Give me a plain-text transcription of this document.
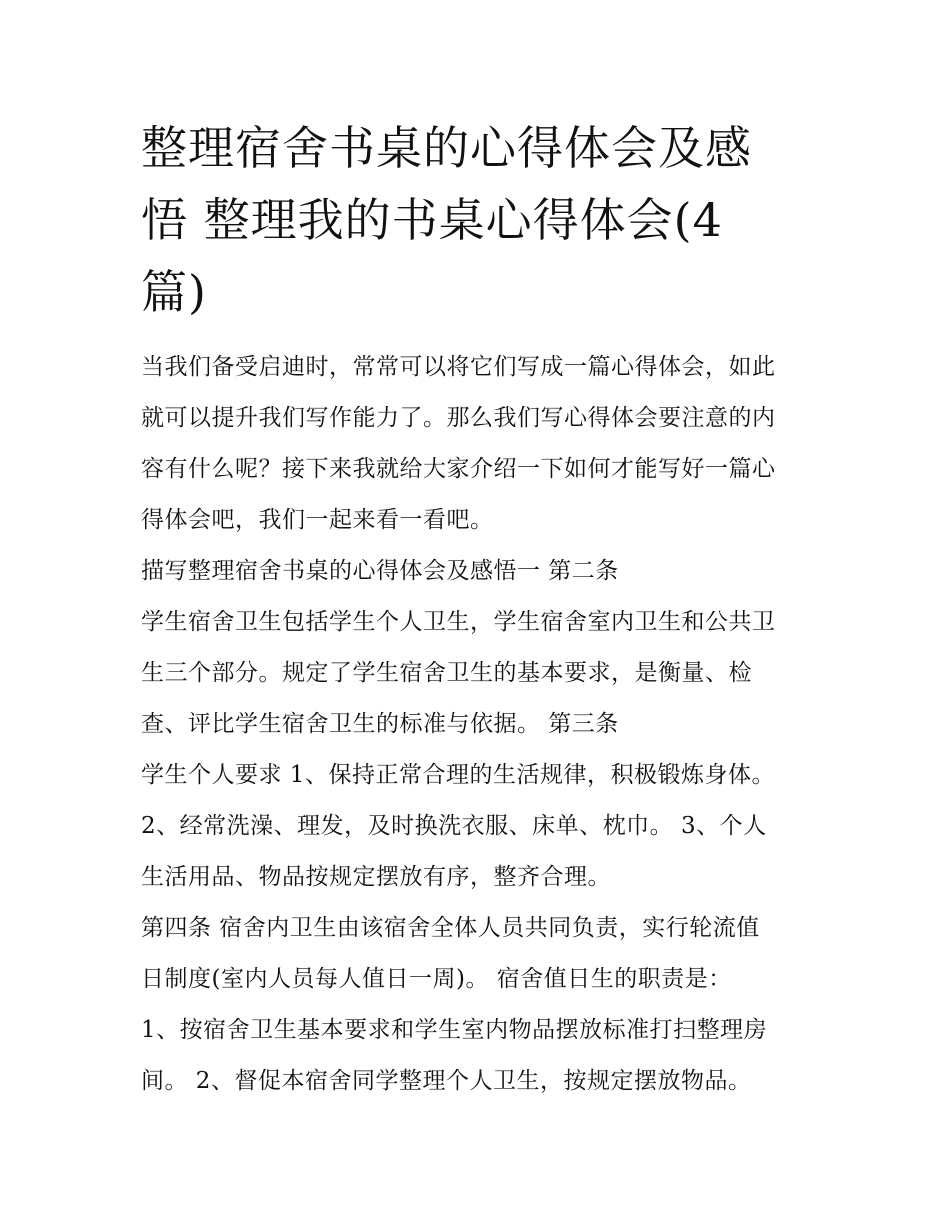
整理宿舍书桌的心得体会及感
悟 整理我的书桌心得体会(4
篇)
当我们备受启迪时，常常可以将它们写成一篇心得体会，如此
就可以提升我们写作能力了。那么我们写心得体会要注意的内
容有什么呢？接下来我就给大家介绍一下如何才能写好一篇心
得体会吧，我们一起来看一看吧。
描写整理宿舍书桌的心得体会及感悟一 第二条
学生宿舍卫生包括学生个人卫生，学生宿舍室内卫生和公共卫
生三个部分。规定了学生宿舍卫生的基本要求，是衡量、检
查、评比学生宿舍卫生的标准与依据。 第三条
学生个人要求 1、保持正常合理的生活规律，积极锻炼身体。
2、经常洗澡、理发，及时换洗衣服、床单、枕巾。 3、个人
生活用品、物品按规定摆放有序，整齐合理。
第四条 宿舍内卫生由该宿舍全体人员共同负责，实行轮流值
日制度(室内人员每人值日一周)。 宿舍值日生的职责是：
1、按宿舍卫生基本要求和学生室内物品摆放标准打扫整理房
间。 2、督促本宿舍同学整理个人卫生，按规定摆放物品。
